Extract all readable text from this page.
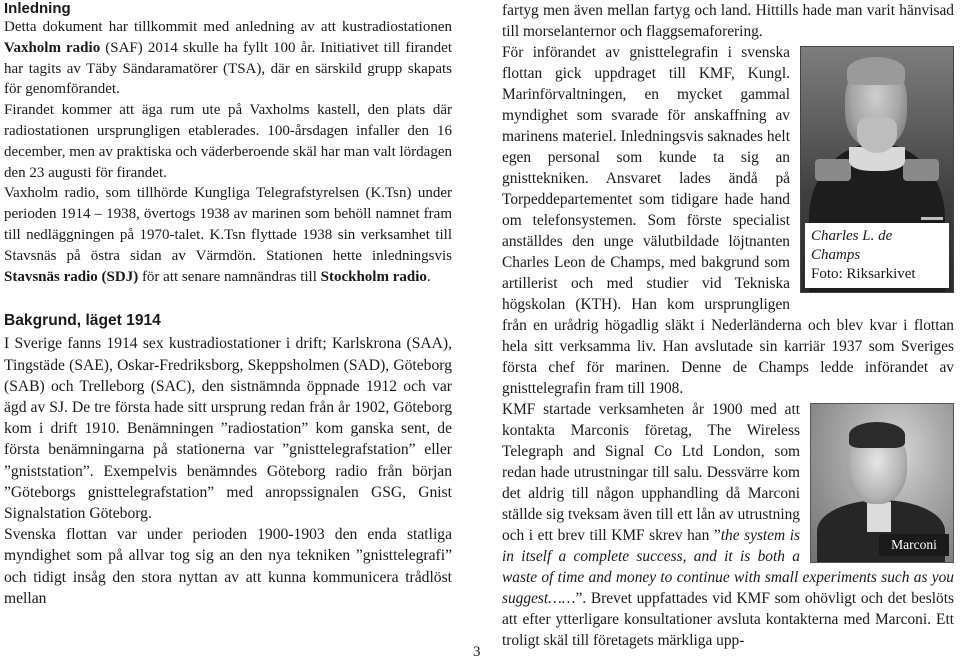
Inledning

Detta dokument har tillkommit med anledning av att kustradiostationen Vaxholm radio (SAF) 2014 skulle ha fyllt 100 år. Initiativet till firandet har tagits av Täby Sändaramatörer (TSA), där en särskild grupp skapats för genomförandet.

Firandet kommer att äga rum ute på Vaxholms kastell, den plats där radiostationen ursprungligen etablerades. 100-årsdagen infaller den 16 december, men av praktiska och väderberoende skäl har man valt lördagen den 23 augusti för firandet.

Vaxholm radio, som tillhörde Kungliga Telegrafstyrelsen (K.Tsn) under perioden 1914 – 1938, övertogs 1938 av marinen som behöll namnet fram till nedläggningen på 1970-talet. K.Tsn flyttade 1938 sin verksamhet till Stavsnäs på östra sidan av Värmdön. Stationen hette inledningsvis Stavsnäs radio (SDJ) för att senare namnändras till Stockholm radio.

Bakgrund, läget 1914

I Sverige fanns 1914 sex kustradiostationer i drift; Karlskrona (SAA), Tingstäde (SAE), Oskar-Fredriksborg, Skeppsholmen (SAD), Göteborg (SAB) och Trelleborg (SAC), den sistnämnda öppnade 1912 och var ägd av SJ. De tre första hade sitt ursprung redan från år 1902, Göteborg kom i drift 1910. Benämningen ”radiostation” kom ganska sent, de första benämningarna på stationerna var ”gnisttelegrafstation” eller ”gniststation”. Exempelvis benämndes Göteborg radio från början ”Göteborgs gnisttelegrafstation” med anropssignalen GSG, Gnist Signalstation Göteborg.

Svenska flottan var under perioden 1900-1903 den enda statliga myndighet som på allvar tog sig an den nya tekniken ”gnisttelegrafi” och tidigt insåg den stora nyttan av att kunna kommunicera trådlöst mellan

fartyg men även mellan fartyg och land. Hittills hade man varit hänvisad till morselanternor och flaggsemaforering.

Charles L. de Champs
Foto: Riksarkivet

För införandet av gnisttelegrafin i svenska flottan gick uppdraget till KMF, Kungl. Marinförvaltningen, en mycket gammal myndighet som svarade för anskaffning av marinens materiel. Inledningsvis saknades helt egen personal som kunde ta sig an gnisttekniken. Ansvaret lades ändå på Torpeddepartementet som tidigare hade hand om telefonsystemen. Som förste specialist anställdes den unge välutbildade löjtnanten Charles Leon de Champs, med bakgrund som artillerist och med studier vid Tekniska högskolan (KTH). Han kom ursprungligen från en urådrig högadlig släkt i Nederländerna och blev kvar i flottan hela sitt verksamma liv. Han avslutade sin karriär 1937 som Sveriges första chef för marinen. Denne de Champs ledde införandet av gnisttelegrafin fram till 1908.

Marconi

KMF startade verksamheten år 1900 med att kontakta Marconis företag, The Wireless Telegraph and Signal Co Ltd London, som redan hade utrustningar till salu. Dessvärre kom det aldrig till någon upphandling då Marconi ställde sig tveksam även till ett lån av utrustning och i ett brev till KMF skrev han ”the system is in itself a complete success, and it is both a waste of time and money to continue with small experiments such as you suggest……”. Brevet uppfattades vid KMF som ohövligt och det beslöts att efter ytterligare konsultationer avsluta kontakterna med Marconi. Ett troligt skäl till företagets märkliga upp-

3
